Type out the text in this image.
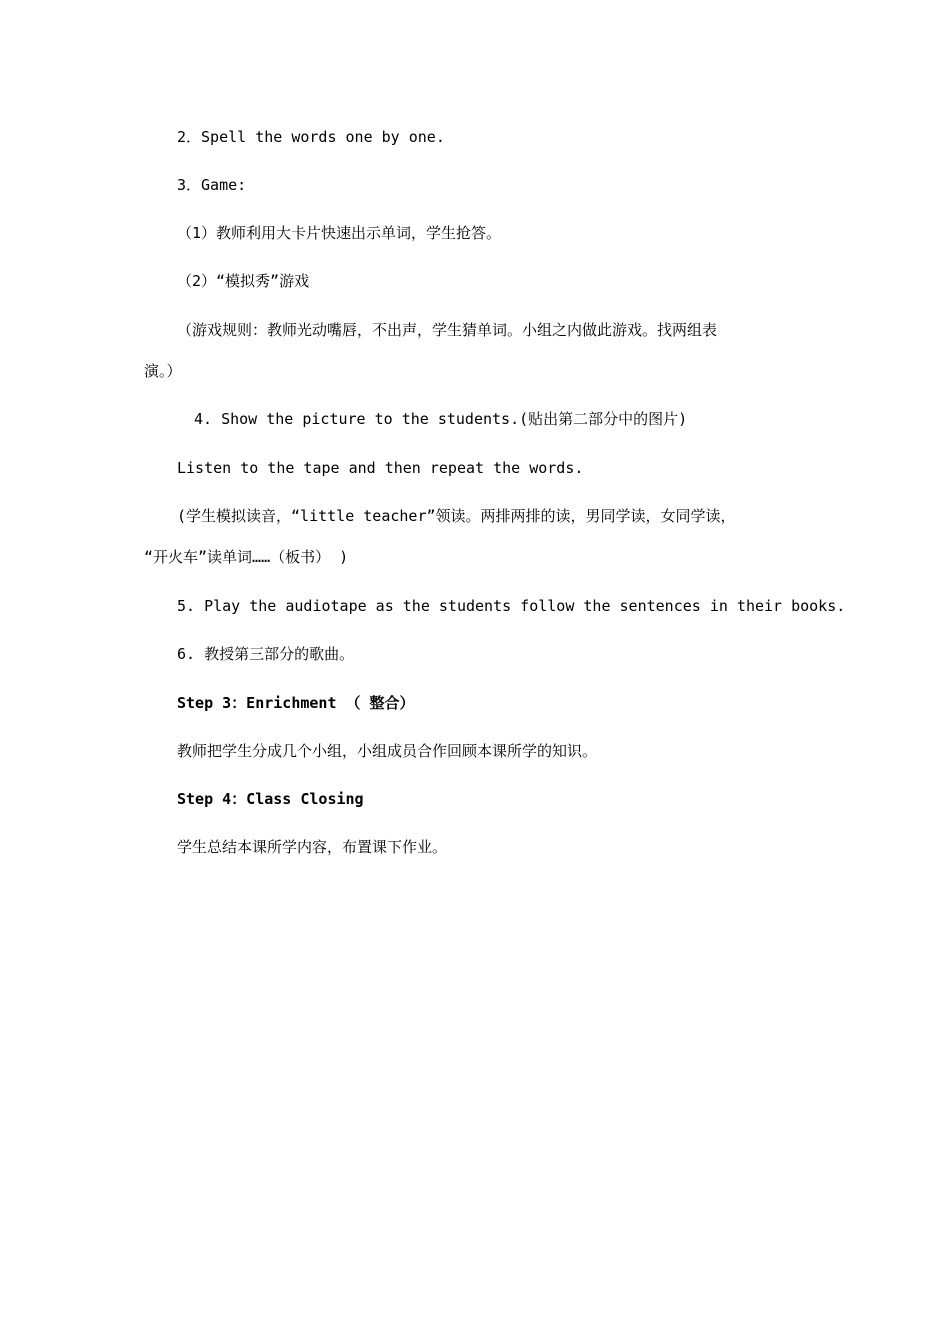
2．Spell the words one by one.
3．Game:
（1）教师利用大卡片快速出示单词，学生抢答。
（2）“模拟秀”游戏
（游戏规则：教师光动嘴唇，不出声，学生猜单词。小组之内做此游戏。找两组表
演。）
4. Show the picture to the students.(贴出第二部分中的图片)
Listen to the tape and then repeat the words.
(学生模拟读音，“little teacher”领读。两排两排的读，男同学读，女同学读，
“开火车”读单词……（板书） )
5. Play the audiotape as the students follow the sentences in their books.
6. 教授第三部分的歌曲。
Step 3：Enrichment （ 整合）
教师把学生分成几个小组，小组成员合作回顾本课所学的知识。
Step 4：Class Closing
学生总结本课所学内容，布置课下作业。
